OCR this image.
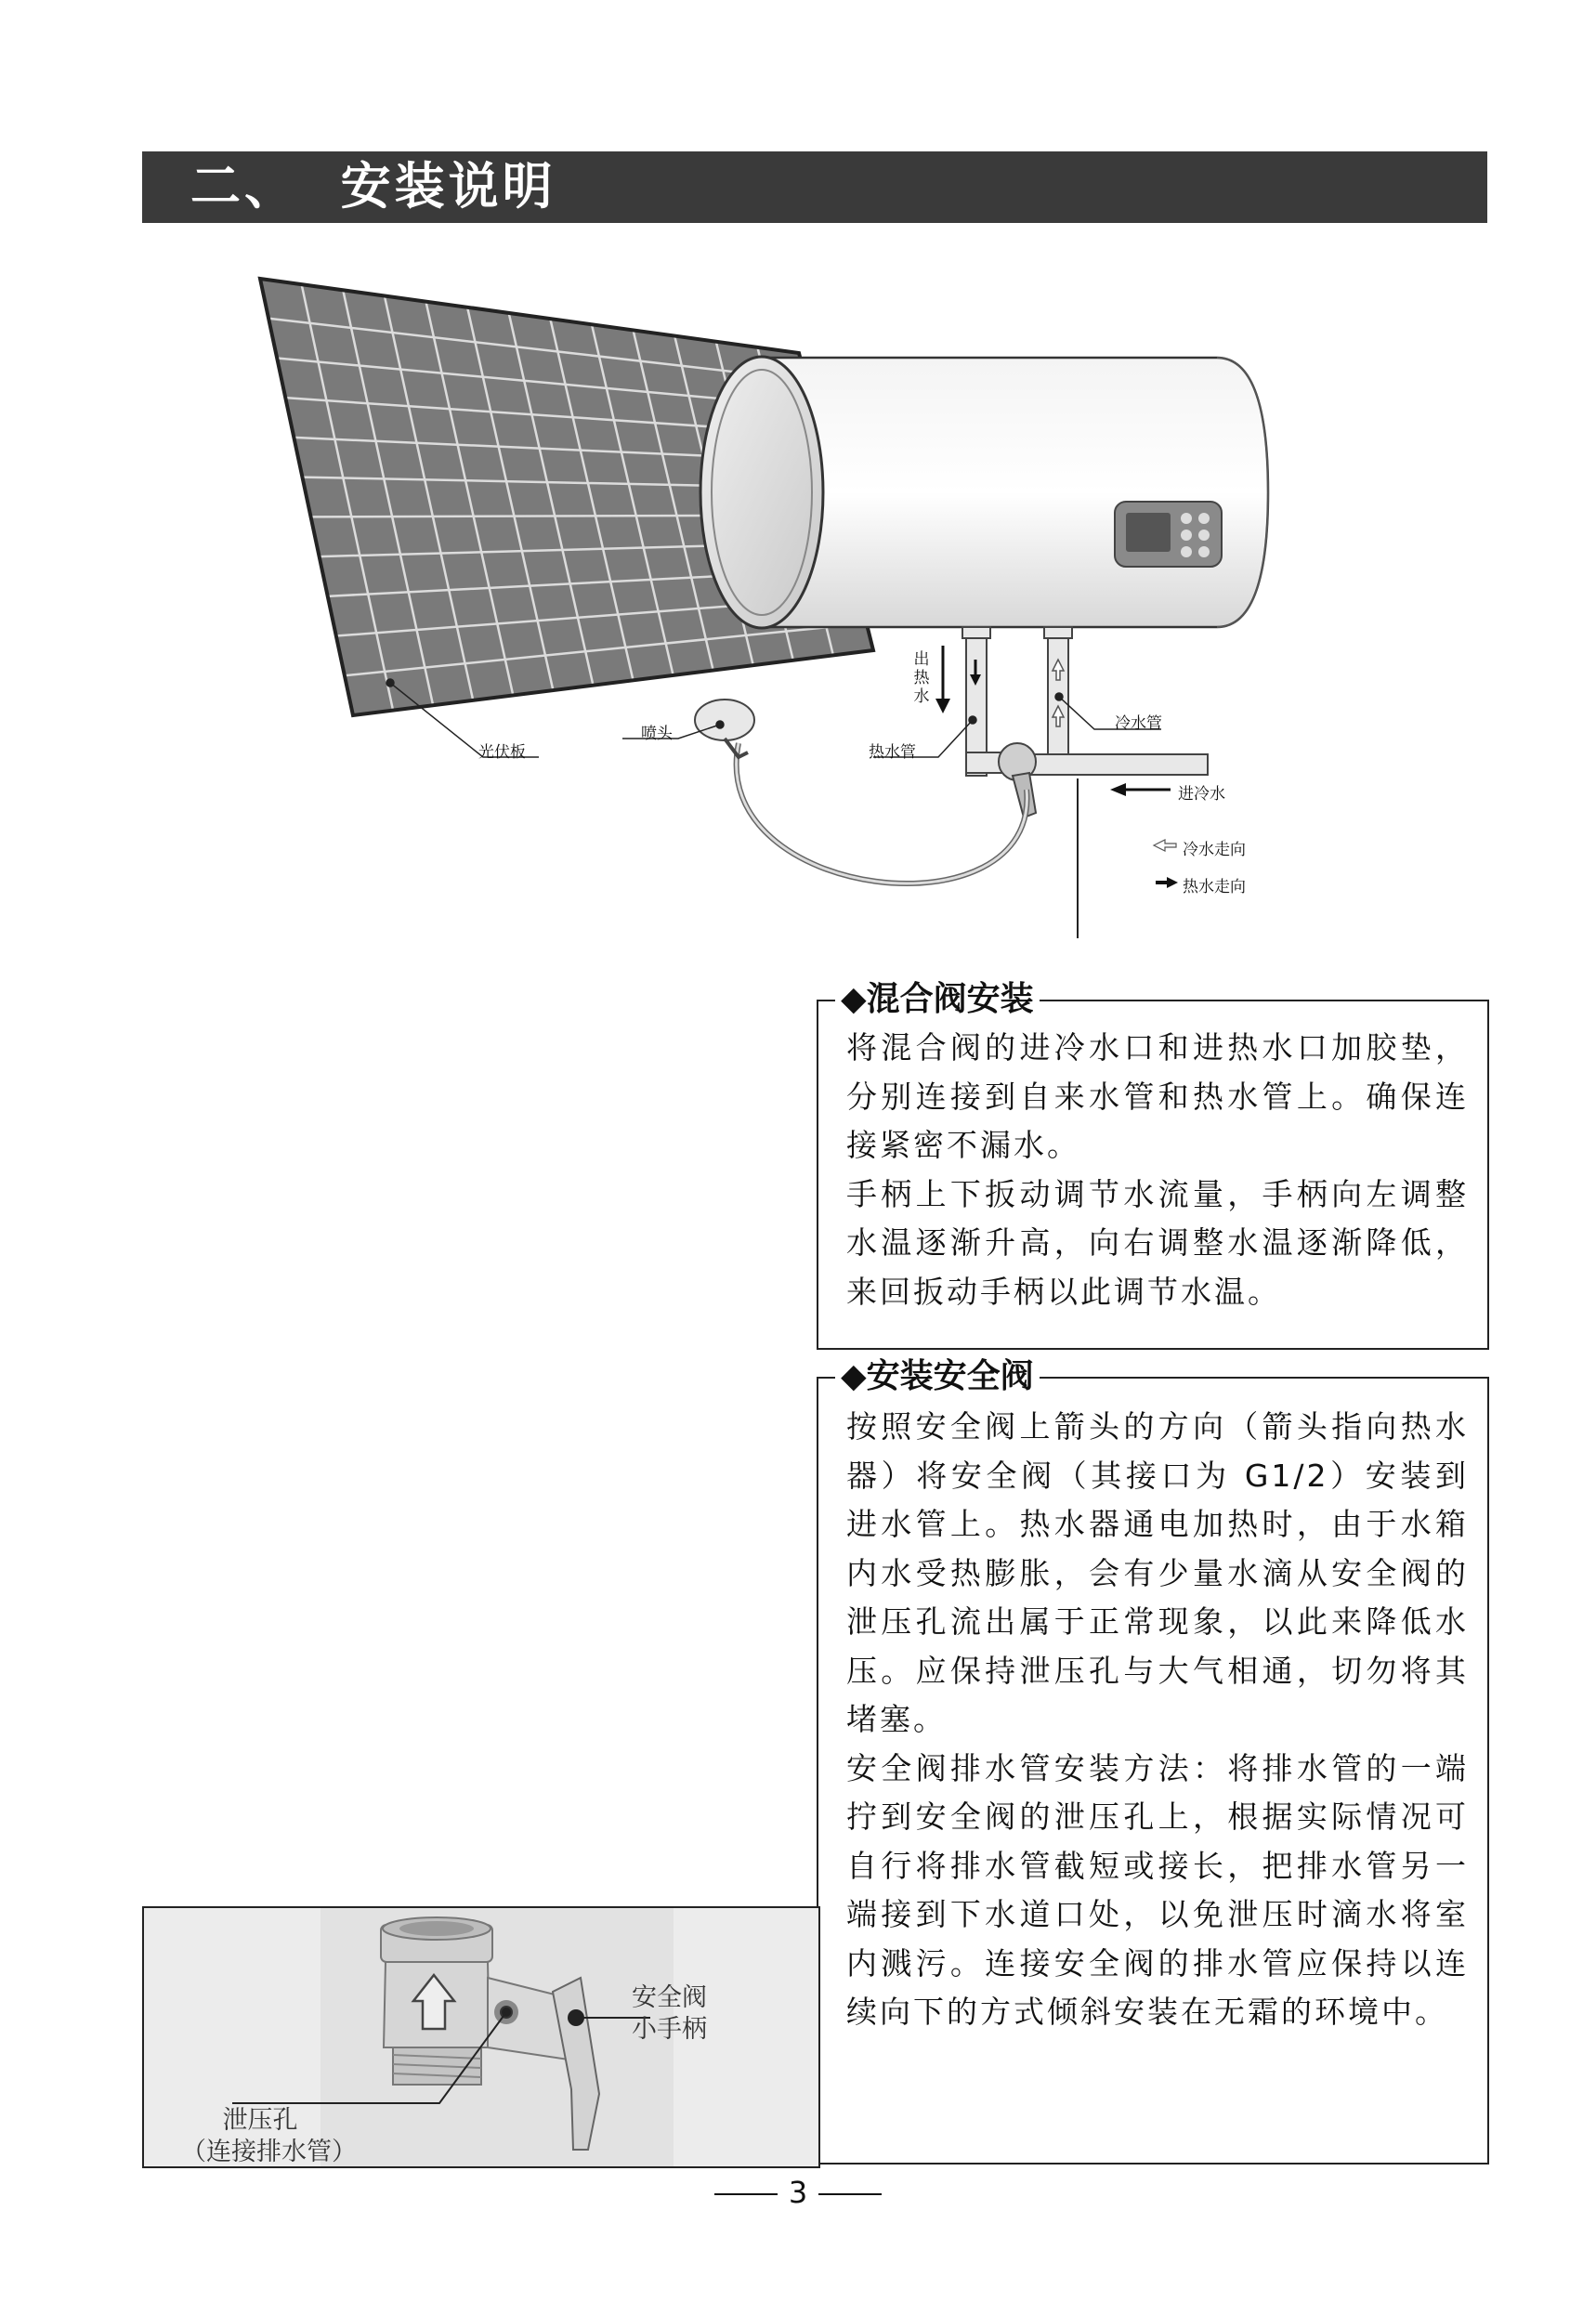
二、 安装说明
光伏板
喷头
热水管
冷水管
出热水
进冷水
冷水走向
热水走向
◆混合阀安装

将混合阀的进冷水口和进热水口加胶垫，分别连接到自来水管和热水管上。确保连接紧密不漏水。

手柄上下扳动调节水流量，手柄向左调整水温逐渐升高，向右调整水温逐渐降低，来回扳动手柄以此调节水温。

◆安装安全阀

按照安全阀上箭头的方向（箭头指向热水器）将安全阀（其接口为 G1/2）安装到进水管上。热水器通电加热时，由于水箱内水受热膨胀，会有少量水滴从安全阀的泄压孔流出属于正常现象，以此来降低水压。应保持泄压孔与大气相通，切勿将其堵塞。

安全阀排水管安装方法：将排水管的一端拧到安全阀的泄压孔上，根据实际情况可自行将排水管截短或接长，把排水管另一端接到下水道口处，以免泄压时滴水将室内溅污。连接安全阀的排水管应保持以连续向下的方式倾斜安装在无霜的环境中。

安全阀
小手柄
泄压孔
（连接排水管）
3
